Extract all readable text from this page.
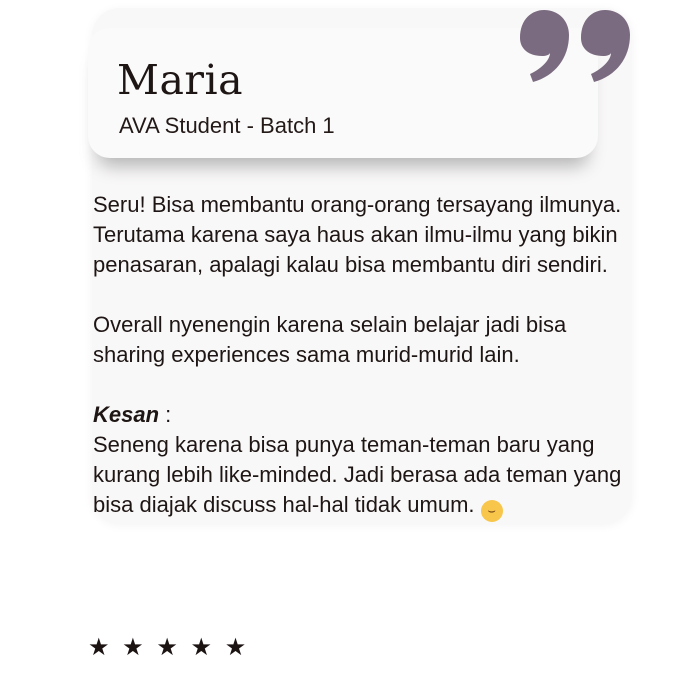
Maria
AVA Student - Batch 1

Seru! Bisa membantu orang-orang tersayang ilmunya. Terutama karena saya haus akan ilmu-ilmu yang bikin penasaran, apalagi kalau bisa membantu diri sendiri.

Overall nyenengin karena selain belajar jadi bisa sharing experiences sama murid-murid lain.

Kesan :

Seneng karena bisa punya teman-teman baru yang kurang lebih like-minded. Jadi berasa ada teman yang bisa diajak discuss hal-hal tidak umum. ⌣

★ ★ ★ ★ ★
